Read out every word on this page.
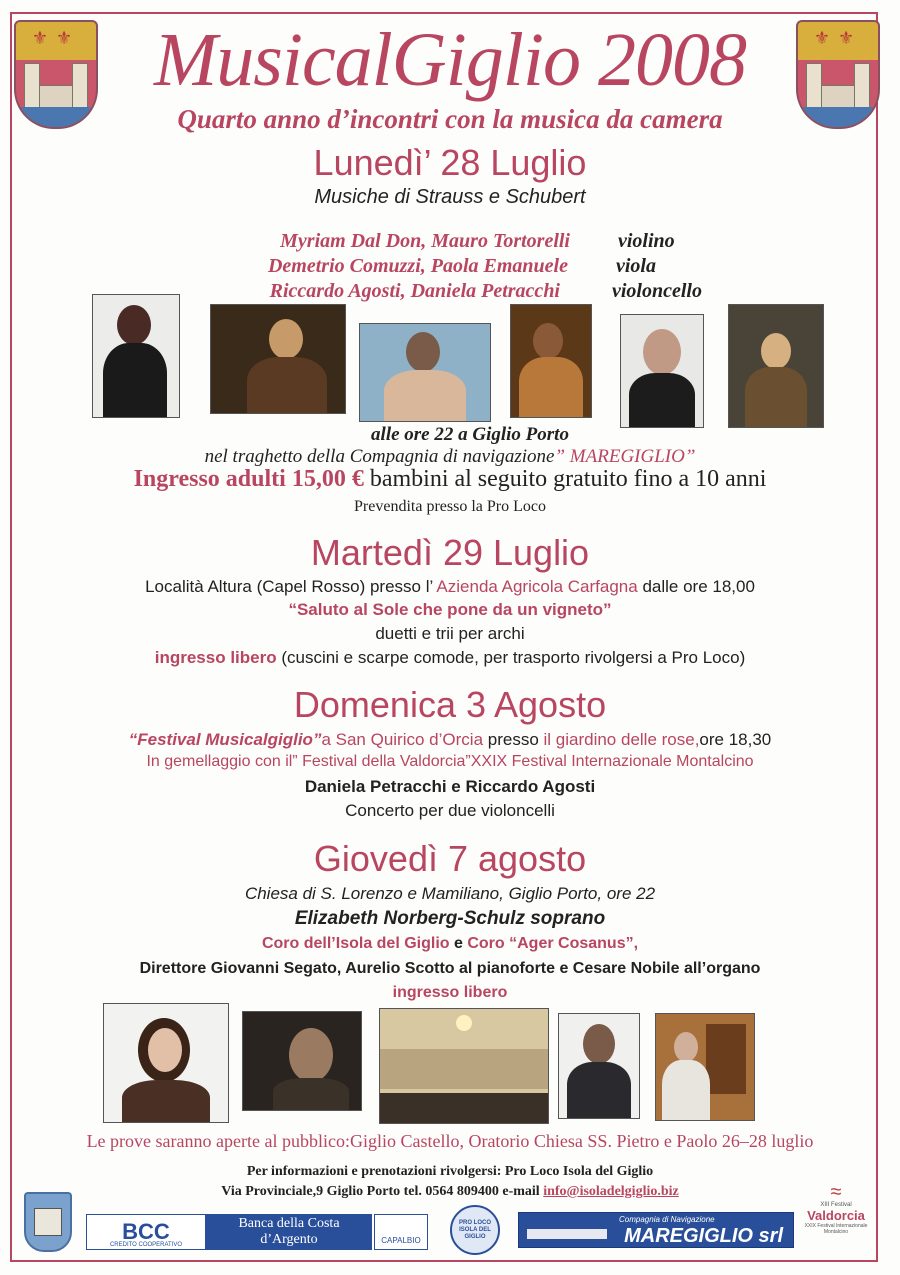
⚜⚜	⚜⚜
MusicalGiglio 2008
Quarto anno d’incontri con la musica da camera
Lunedì’ 28 Luglio
Musiche di Strauss e Schubert
Myriam Dal Don, Mauro Tortorelli violino
Demetrio Comuzzi, Paola Emanuele viola
Riccardo Agosti, Daniela Petracchi	violoncello
alle ore 22 a Giglio Porto
nel traghetto della Compagnia di navigazione” MAREGIGLIO”
Ingresso adulti 15,00 € bambini al seguito gratuito fino a 10 anni
Prevendita presso la Pro Loco
Martedì 29 Luglio
Località Altura (Capel Rosso) presso l’ Azienda Agricola Carfagna dalle ore 18,00
“Saluto al Sole che pone da un vigneto”
duetti e trii per archi
ingresso libero (cuscini e scarpe comode, per trasporto rivolgersi a Pro Loco)
Domenica 3 Agosto
“Festival Musicalgiglio”a San Quirico d’Orcia presso il giardino delle rose,ore 18,30
In gemellaggio con il” Festival della Valdorcia”XXIX Festival Internazionale Montalcino
Daniela Petracchi e Riccardo Agosti
Concerto per due violoncelli
Giovedì 7 agosto
Chiesa di S. Lorenzo e Mamiliano, Giglio Porto, ore 22
Elizabeth Norberg-Schulz soprano
Coro dell’Isola del Giglio e Coro “Ager Cosanus”,
Direttore Giovanni Segato, Aurelio Scotto al pianoforte e Cesare Nobile all’organo
ingresso libero
Le prove saranno aperte al pubblico:Giglio Castello, Oratorio Chiesa SS. Pietro e Paolo 26–28 luglio
Per informazioni e prenotazioni rivolgersi: Pro Loco Isola del Giglio
Via Provinciale,9 Giglio Porto tel. 0564 809400 e-mail info@isoladelgiglio.biz
BCC
CREDITO COOPERATIVO
Banca della Costa d’Argento	CAPALBIO
PRO LOCO ISOLA DEL GIGLIO
Compagnia di Navigazione
MAREGIGLIO srl
≈
XIII Festival
Valdorcia
XXIX Festival Internazionale Montalcino
